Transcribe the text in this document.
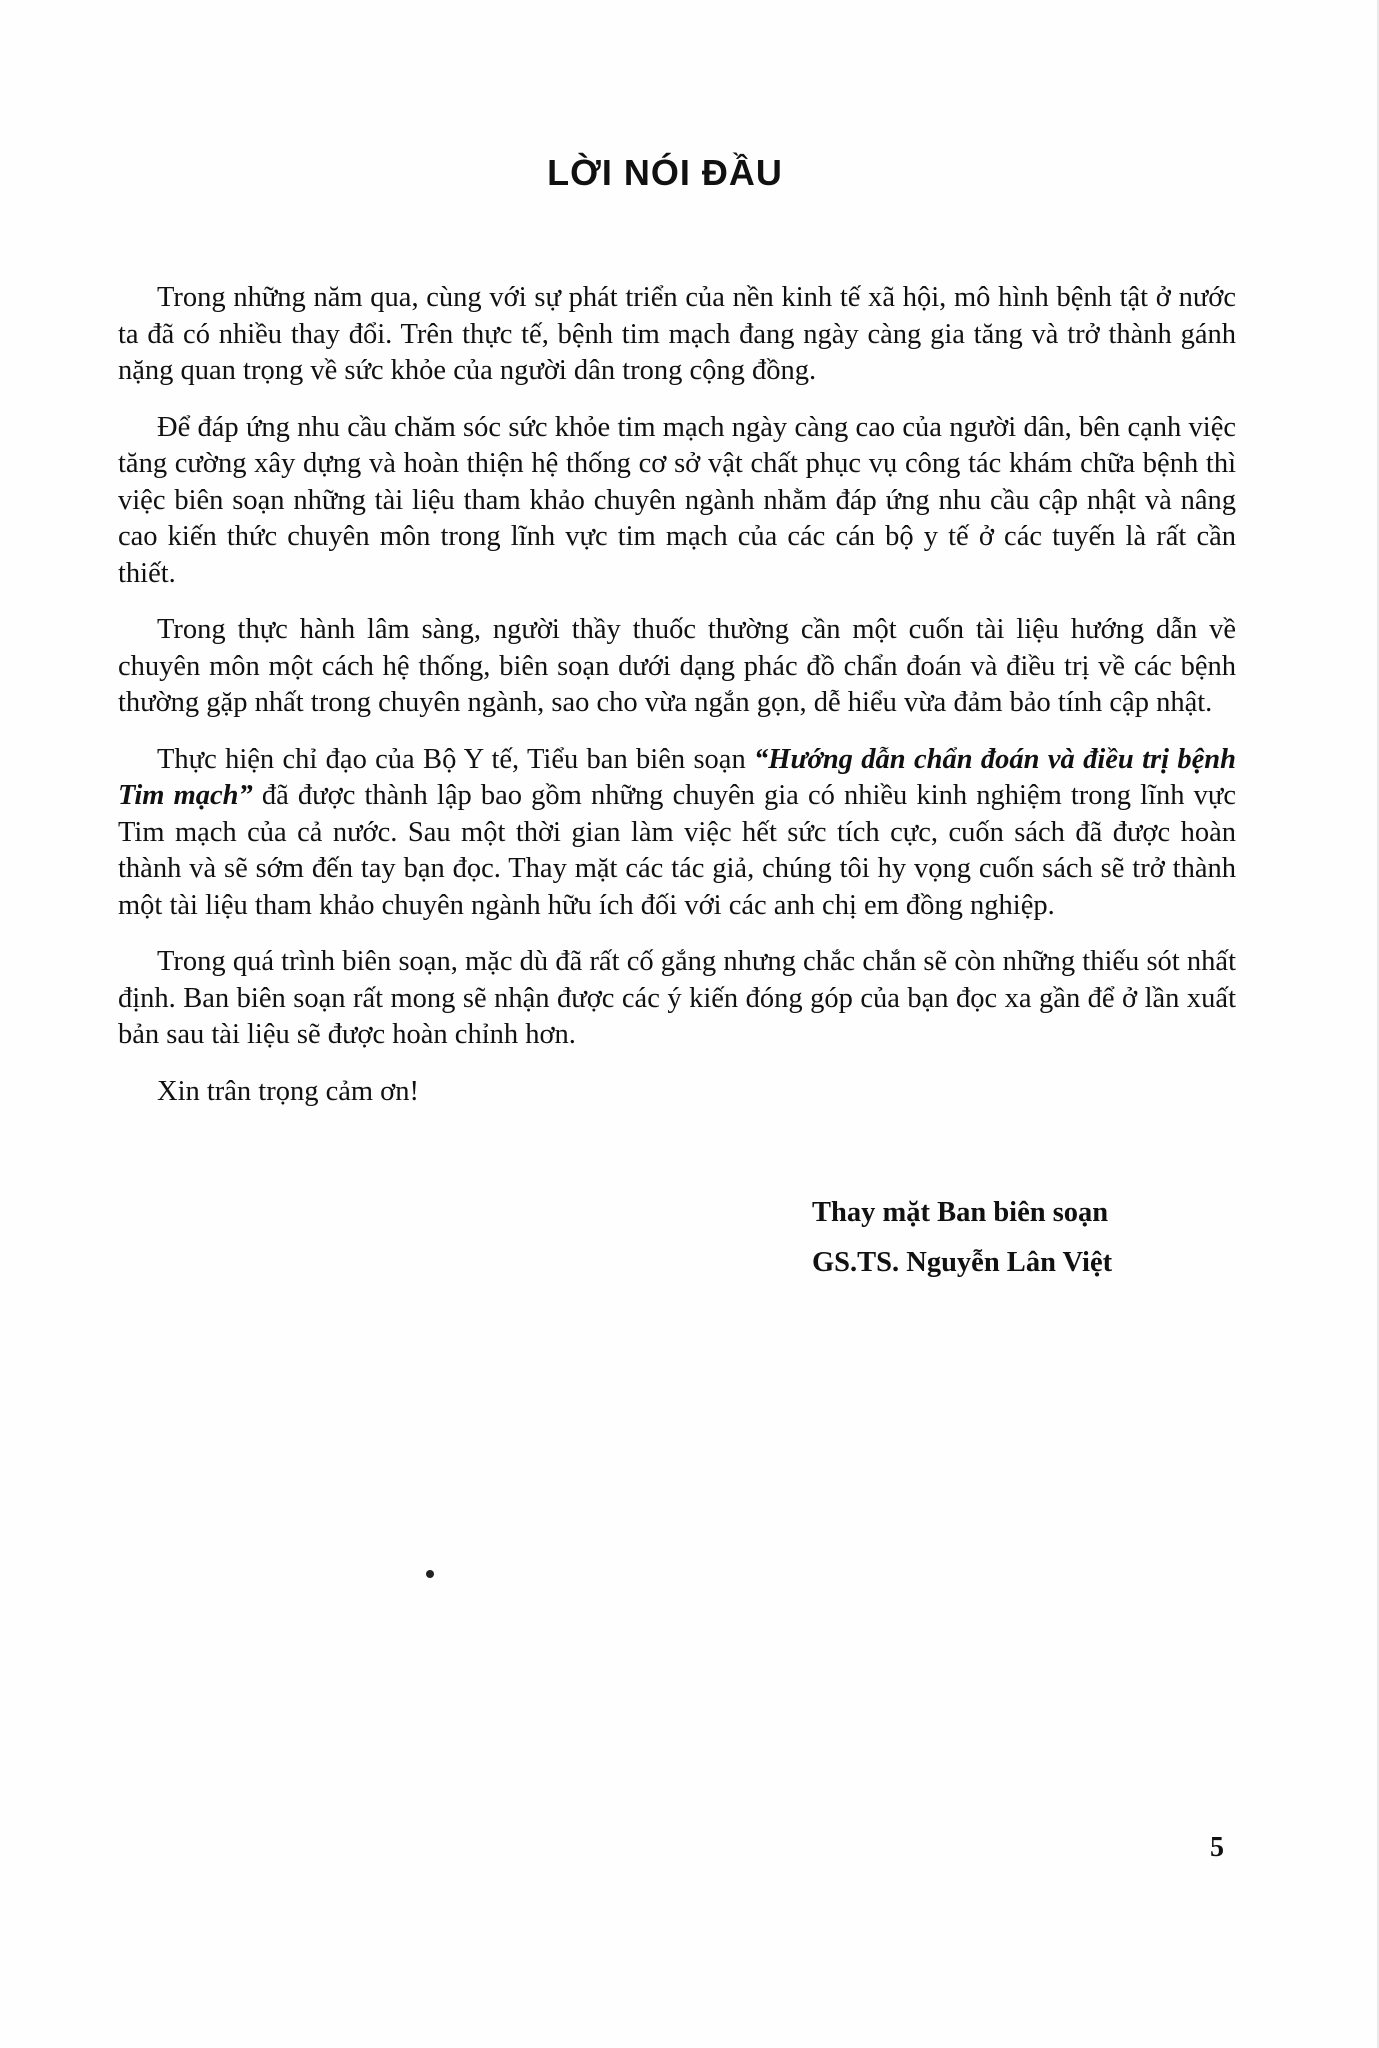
LỜI NÓI ĐẦU

Trong những năm qua, cùng với sự phát triển của nền kinh tế xã hội, mô hình bệnh tật ở nước ta đã có nhiều thay đổi. Trên thực tế, bệnh tim mạch đang ngày càng gia tăng và trở thành gánh nặng quan trọng về sức khỏe của người dân trong cộng đồng.

Để đáp ứng nhu cầu chăm sóc sức khỏe tim mạch ngày càng cao của người dân, bên cạnh việc tăng cường xây dựng và hoàn thiện hệ thống cơ sở vật chất phục vụ công tác khám chữa bệnh thì việc biên soạn những tài liệu tham khảo chuyên ngành nhằm đáp ứng nhu cầu cập nhật và nâng cao kiến thức chuyên môn trong lĩnh vực tim mạch của các cán bộ y tế ở các tuyến là rất cần thiết.

Trong thực hành lâm sàng, người thầy thuốc thường cần một cuốn tài liệu hướng dẫn về chuyên môn một cách hệ thống, biên soạn dưới dạng phác đồ chẩn đoán và điều trị về các bệnh thường gặp nhất trong chuyên ngành, sao cho vừa ngắn gọn, dễ hiểu vừa đảm bảo tính cập nhật.

Thực hiện chỉ đạo của Bộ Y tế, Tiểu ban biên soạn “Hướng dẫn chẩn đoán và điều trị bệnh Tim mạch” đã được thành lập bao gồm những chuyên gia có nhiều kinh nghiệm trong lĩnh vực Tim mạch của cả nước. Sau một thời gian làm việc hết sức tích cực, cuốn sách đã được hoàn thành và sẽ sớm đến tay bạn đọc. Thay mặt các tác giả, chúng tôi hy vọng cuốn sách sẽ trở thành một tài liệu tham khảo chuyên ngành hữu ích đối với các anh chị em đồng nghiệp.

Trong quá trình biên soạn, mặc dù đã rất cố gắng nhưng chắc chắn sẽ còn những thiếu sót nhất định. Ban biên soạn rất mong sẽ nhận được các ý kiến đóng góp của bạn đọc xa gần để ở lần xuất bản sau tài liệu sẽ được hoàn chỉnh hơn.

Xin trân trọng cảm ơn!

Thay mặt Ban biên soạn
GS.TS. Nguyễn Lân Việt
5
